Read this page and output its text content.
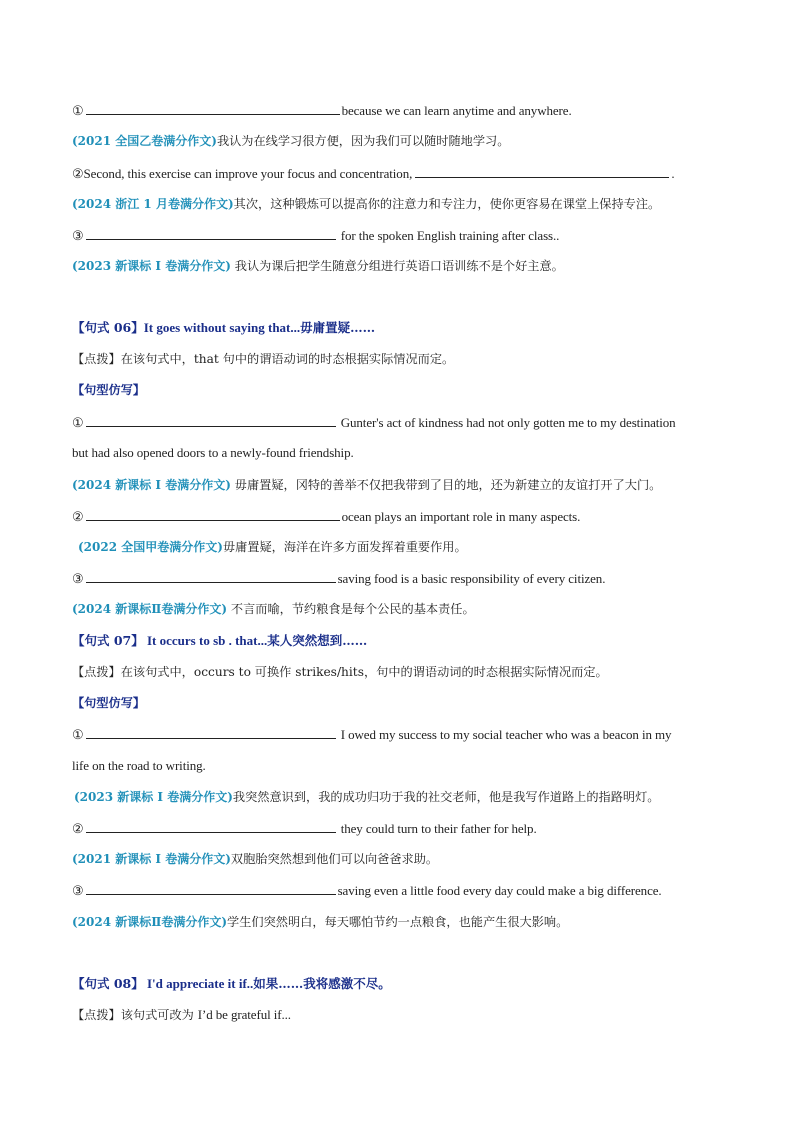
①	because we can learn anytime and anywhere.
(2021 全国乙卷满分作文)我认为在线学习很方便，因为我们可以随时随地学习。
②Second, this exercise can improve your focus and concentration,	.
(2024 浙江 1 月卷满分作文)其次，这种锻炼可以提高你的注意力和专注力，使你更容易在课堂上保持专注。
③	for the spoken English training after class..
(2023 新课标 I 卷满分作文) 我认为课后把学生随意分组进行英语口语训练不是个好主意。
【句式 06】It goes without saying that...毋庸置疑……
【点拨】在该句式中，that 句中的谓语动词的时态根据实际情况而定。
【句型仿写】
①	Gunter's act of kindness had not only gotten me to my destination
but had also opened doors to a newly-found friendship.
(2024 新课标 I 卷满分作文) 毋庸置疑，冈特的善举不仅把我带到了目的地，还为新建立的友谊打开了大门。
②	ocean plays an important role in many aspects.
(2022 全国甲卷满分作文)毋庸置疑，海洋在许多方面发挥着重要作用。
③	saving food is a basic responsibility of every citizen.
(2024 新课标Ⅱ卷满分作文) 不言而喻，节约粮食是每个公民的基本责任。
【句式 07】 It occurs to sb . that...某人突然想到……
【点拨】在该句式中，occurs to 可换作 strikes/hits，句中的谓语动词的时态根据实际情况而定。
【句型仿写】
①	I owed my success to my social teacher who was a beacon in my
life on the road to writing.
(2023 新课标 I 卷满分作文)我突然意识到，我的成功归功于我的社交老师，他是我写作道路上的指路明灯。
②	they could turn to their father for help.
(2021 新课标 I 卷满分作文)双胞胎突然想到他们可以向爸爸求助。
③	saving even a little food every day could make a big difference.
(2024 新课标Ⅱ卷满分作文)学生们突然明白，每天哪怕节约一点粮食，也能产生很大影响。
【句式 08】 I'd appreciate it if..如果……我将感激不尽。
【点拨】该句式可改为 I’d be grateful if...
